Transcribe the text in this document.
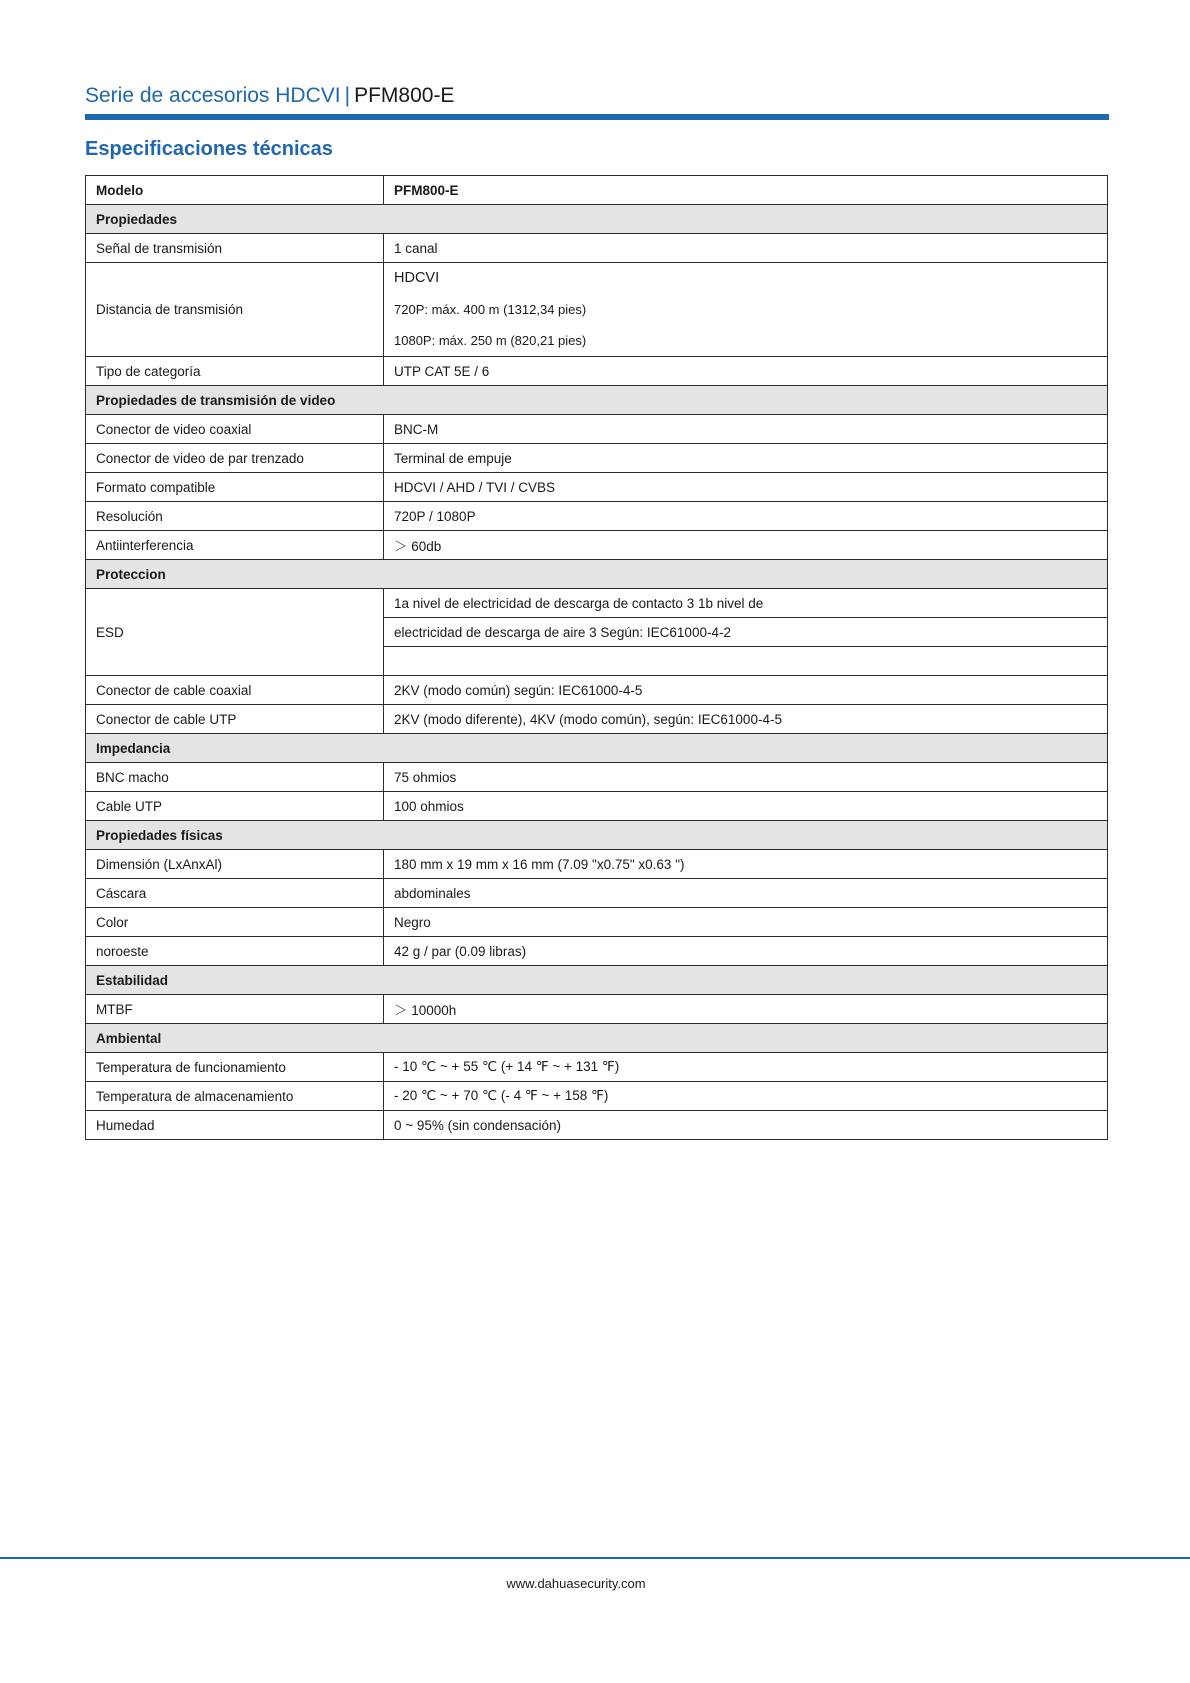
Serie de accesorios HDCVI | PFM800-E
Especificaciones técnicas
Modelo	PFM800-E
Propiedades	
Señal de transmisión	1 canal
Distancia de transmisión	HDCVI
720P: máx. 400 m (1312,34 pies)
1080P: máx. 250 m (820,21 pies)

Tipo de categoría	UTP CAT 5E / 6
Propiedades de transmisión de video	
Conector de video coaxial	BNC-M
Conector de video de par trenzado	Terminal de empuje
Formato compatible	HDCVI / AHD / TVI / CVBS
Resolución	720P / 1080P
Antiinterferencia	＞ 60db
Proteccion	
ESD	1a nivel de electricidad de descarga de contacto 3 1b nivel de
	electricidad de descarga de aire 3 Según: IEC61000-4-2

Conector de cable coaxial	2KV (modo común) según: IEC61000-4-5
Conector de cable UTP	2KV (modo diferente), 4KV (modo común), según: IEC61000-4-5
Impedancia	
BNC macho	75 ohmios
Cable UTP	100 ohmios
Propiedades físicas	
Dimensión (LxAnxAl)	180 mm x 19 mm x 16 mm (7.09 "x0.75" x0.63 ")
Cáscara	abdominales
Color	Negro
noroeste	42 g / par (0.09 libras)
Estabilidad	
MTBF	＞ 10000h
Ambiental	
Temperatura de funcionamiento	- 10 ℃ ~ + 55 ℃ (+ 14 ℉ ~ + 131 ℉)
Temperatura de almacenamiento	- 20 ℃ ~ + 70 ℃ (- 4 ℉ ~ + 158 ℉)
Humedad	0 ~ 95% (sin condensación)
www.dahuasecurity.com
